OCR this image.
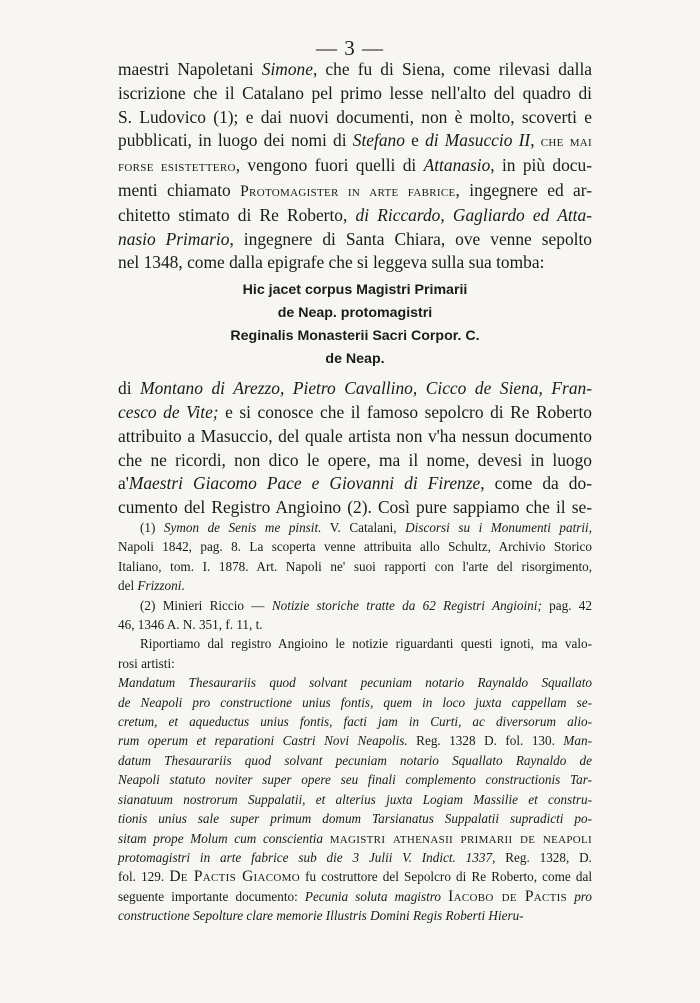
— 3 —

maestri Napoletani Simone, che fu di Siena, come rilevasi dalla
iscrizione che il Catalano pel primo lesse nell'alto del quadro di
S. Ludovico (1); e dai nuovi documenti, non è molto, scoverti e
pubblicati, in luogo dei nomi di Stefano e di Masuccio II, che mai
forse esistettero, vengono fuori quelli di Attanasio, in più docu-
menti chiamato Protomagister in arte fabrice, ingegnere ed ar-
chitetto stimato di Re Roberto, di Riccardo, Gagliardo ed Atta-
nasio Primario, ingegnere di Santa Chiara, ove venne sepolto
nel 1348, come dalla epigrafe che si leggeva sulla sua tomba:

Hic jacet corpus Magistri Primarii
de Neap. protomagistri
Reginalis Monasterii Sacri Corpor. C.
de Neap.

di Montano di Arezzo, Pietro Cavallino, Cicco de Siena, Fran-
cesco de Vite; e si conosce che il famoso sepolcro di Re Roberto
attribuito a Masuccio, del quale artista non v'ha nessun documento
che ne ricordi, non dico le opere, ma il nome, devesi in luogo
a'Maestri Giacomo Pace e Giovanni di Firenze, come da do-
cumento del Registro Angioino (2). Così pure sappiamo che il se-

(1) Symon de Senis me pinsit. V. Catalani, Discorsi su i Monumenti patrii,
Napoli 1842, pag. 8. La scoperta venne attribuita allo Schultz, Archivio Storico
Italiano, tom. I. 1878. Art. Napoli ne' suoi rapporti con l'arte del risorgimento,
del Frizzoni.
(2) Minieri Riccio — Notizie storiche tratte da 62 Registri Angioini; pag. 42
46, 1346 A. N. 351, f. 11, t.
Riportiamo dal registro Angioino le notizie riguardanti questi ignoti, ma valo-
rosi artisti:
Mandatum Thesaurariis quod solvant pecuniam notario Raynaldo Squallato
de Neapoli pro constructione unius fontis, quem in loco juxta cappellam se-
cretum, et aqueductus unius fontis, facti jam in Curti, ac diversorum alio-
rum operum et reparationi Castri Novi Neapolis. Reg. 1328 D. fol. 130. Man-
datum Thesaurariis quod solvant pecuniam notario Squallato Raynaldo de
Neapoli statuto noviter super opere seu finali complemento constructionis Tar-
sianatuum nostrorum Suppalatii, et alterius juxta Logiam Massilie et constru-
tionis unius sale super primum domum Tarsianatus Suppalatii supradicti po-
sitam prope Molum cum conscientia magistri athenasii primarii de neapoli
protomagistri in arte fabrice sub die 3 Julii V. Indict. 1337, Reg. 1328, D.
fol. 129. De Pactis Giacomo fu costruttore del Sepolcro di Re Roberto, come dal
seguente importante documento: Pecunia soluta magistro Iacobo de Pactis pro
constructione Sepolture clare memorie Illustris Domini Regis Roberti Hieru-
